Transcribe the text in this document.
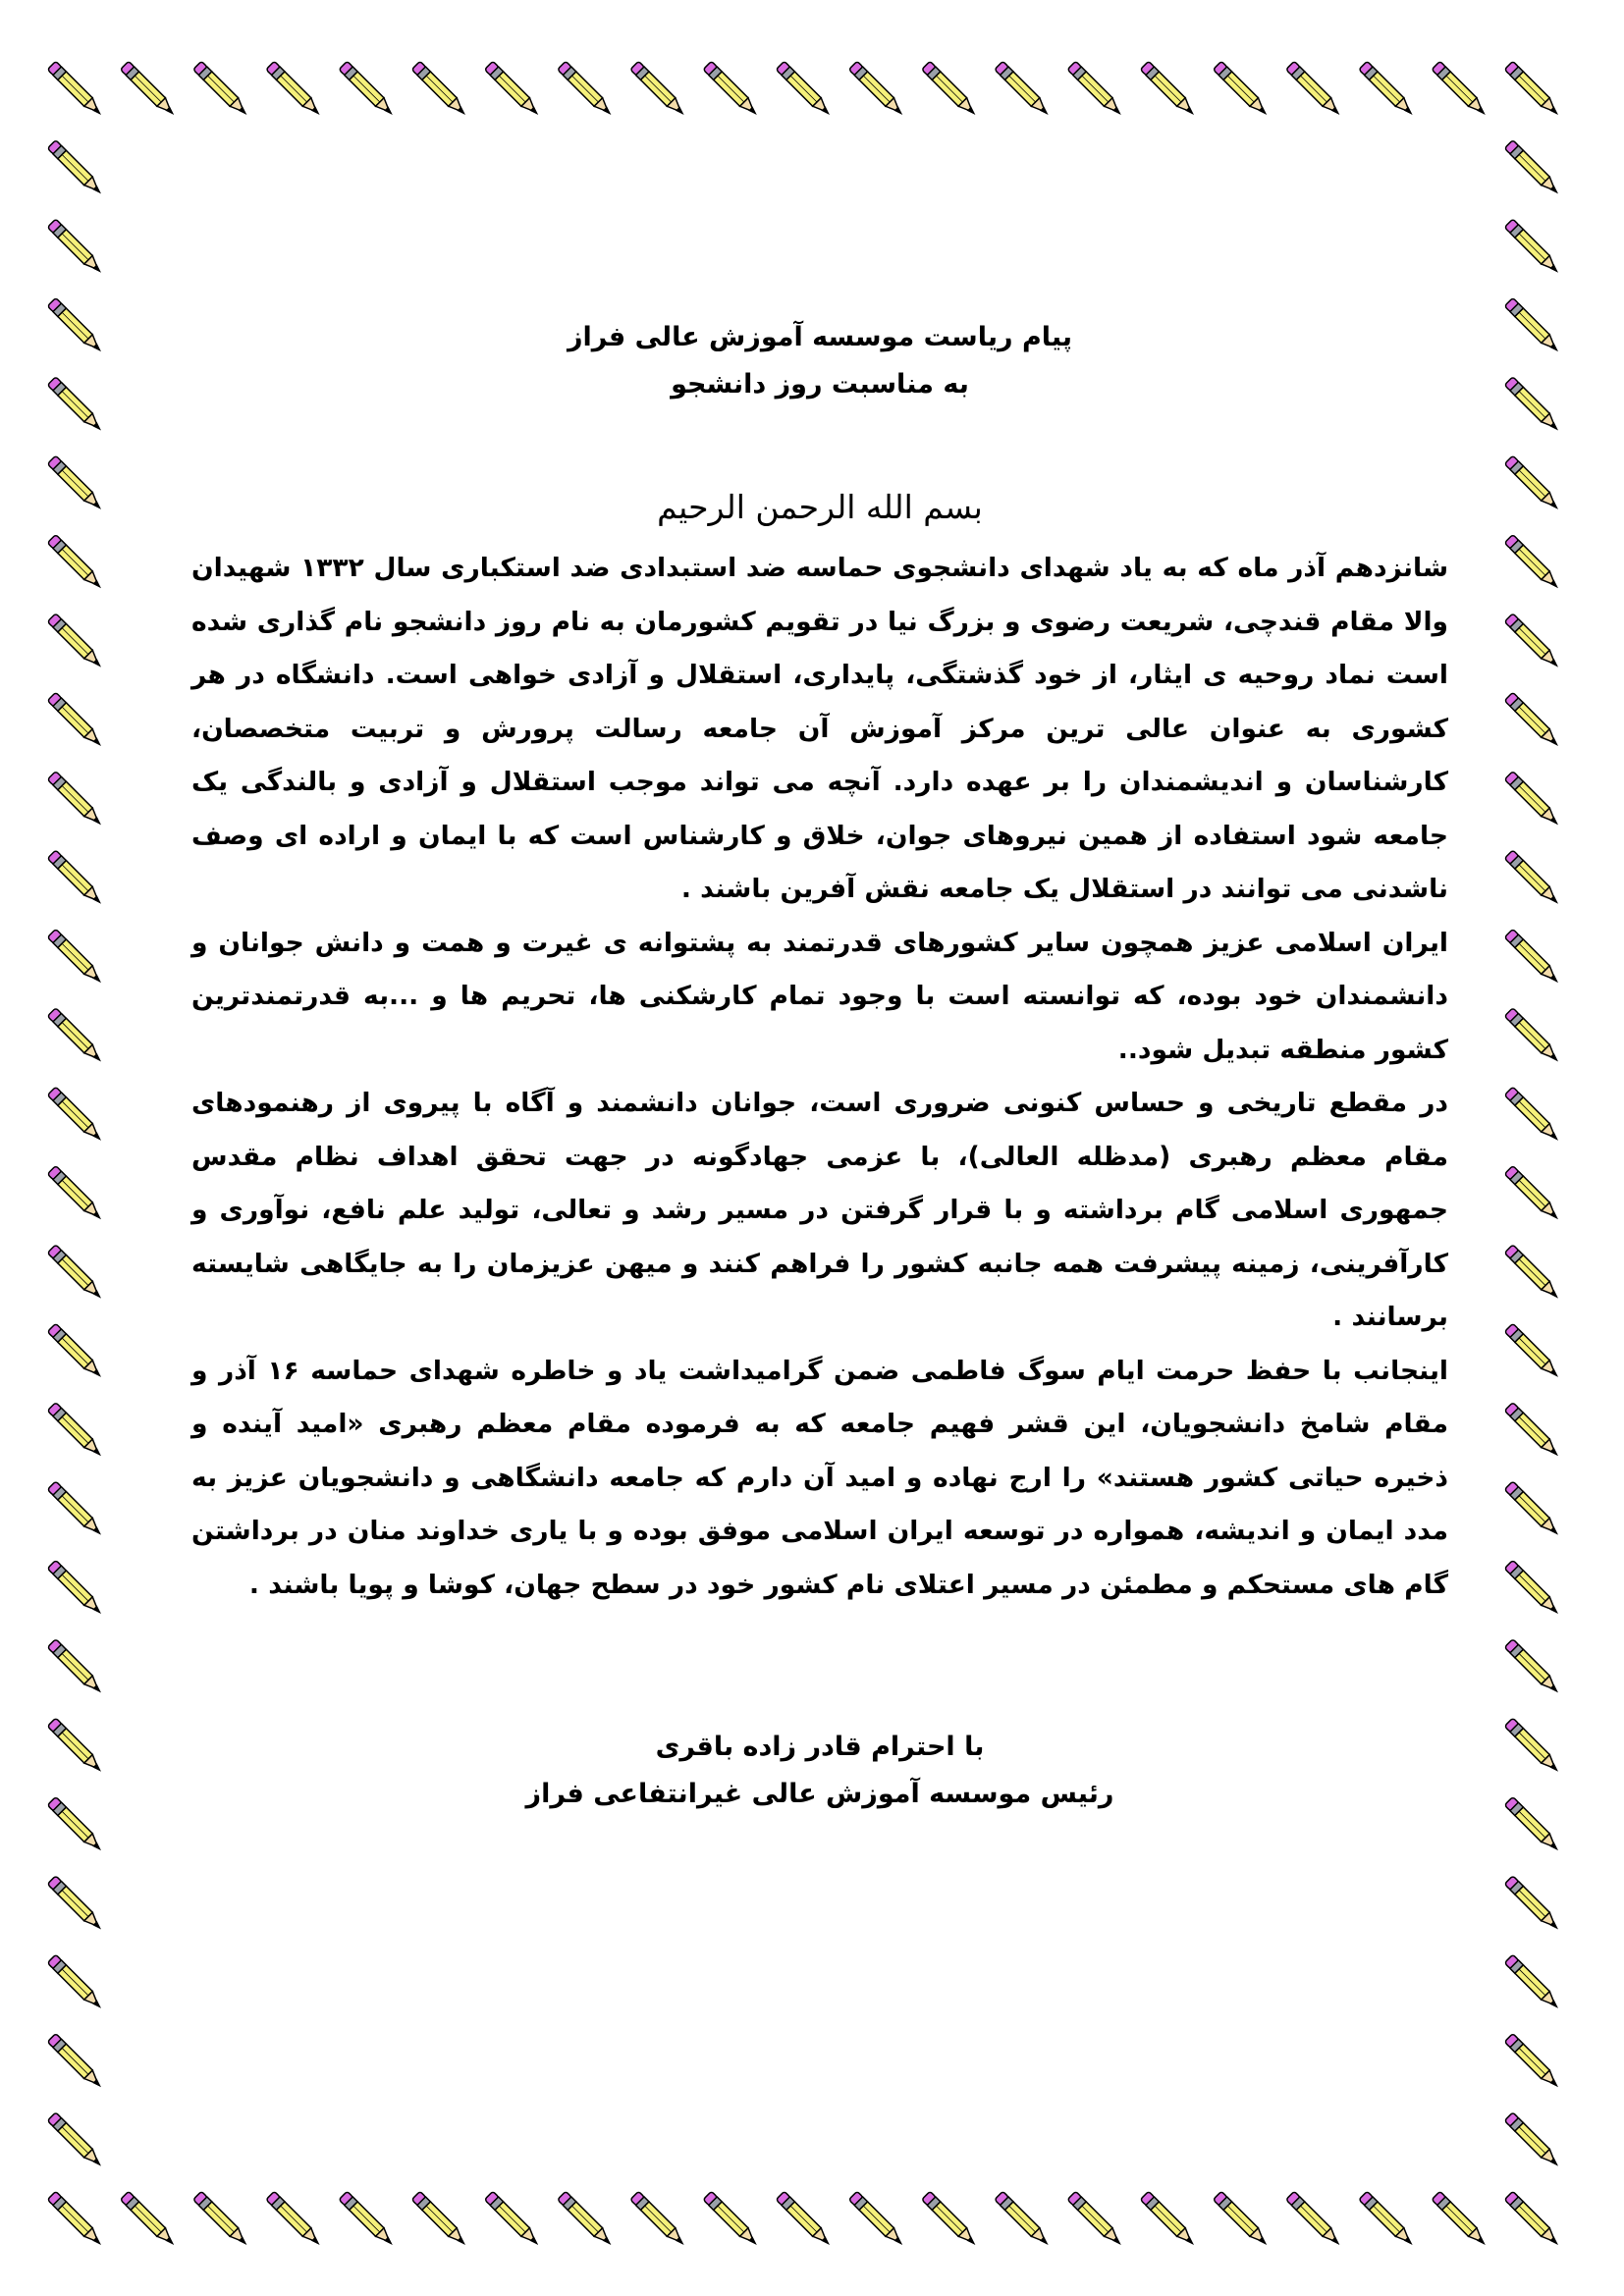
پیام ریاست موسسه آموزش عالی فراز

به مناسبت روز دانشجو

بسم الله الرحمن الرحیم

شانزدهم آذر ماه که به یاد شهدای دانشجوی حماسه ضد استبدادی ضد استکباری سال ۱۳۳۲ شهیدان والا مقام قندچی، شریعت رضوی و بزرگ نیا در تقویم کشورمان به نام روز دانشجو نام گذاری شده است نماد روحیه ی ایثار، از خود گذشتگی، پایداری، استقلال و آزادی خواهی است. دانشگاه در هر کشوری به عنوان عالی ترین مرکز آموزش آن جامعه رسالت پرورش و تربیت متخصصان، کارشناسان و اندیشمندان را بر عهده دارد. آنچه می تواند موجب استقلال و آزادی و بالندگی یک جامعه شود استفاده از همین نیروهای جوان، خلاق و کارشناس است که با ایمان و اراده ای وصف ناشدنی می توانند در استقلال یک جامعه نقش آفرین باشند .

ایران اسلامی عزیز همچون سایر کشورهای قدرتمند به پشتوانه ی غیرت و همت و دانش جوانان و دانشمندان خود بوده، که توانسته است با وجود تمام کارشکنی ها، تحریم ها و ...به قدرتمندترین کشور منطقه تبدیل شود..

در مقطع تاریخی و حساس کنونی ضروری است، جوانان دانشمند و آگاه با پیروی از رهنمودهای مقام معظم رهبری (مدظله العالی)، با عزمی جهادگونه در جهت تحقق اهداف نظام مقدس جمهوری اسلامی گام برداشته و با قرار گرفتن در مسیر رشد و تعالی، تولید علم نافع، نوآوری و کارآفرینی، زمینه پیشرفت همه جانبه کشور را فراهم کنند و میهن عزیزمان را به جایگاهی شایسته برسانند .

اینجانب با حفظ حرمت ایام سوگ فاطمی ضمن گرامیداشت یاد و خاطره شهدای حماسه ۱۶ آذر و مقام شامخ دانشجویان، این قشر فهیم جامعه که به فرموده مقام معظم رهبری «امید آینده و ذخیره حیاتی کشور هستند» را ارج نهاده و امید آن دارم که جامعه دانشگاهی و دانشجویان عزیز به مدد ایمان و اندیشه، همواره در توسعه ایران اسلامی موفق بوده و با یاری خداوند منان در برداشتن گام های مستحکم و مطمئن در مسیر اعتلای نام کشور خود در سطح جهان، کوشا و پویا باشند .

با احترام قادر زاده باقری

رئیس موسسه آموزش عالی غیرانتفاعی فراز
